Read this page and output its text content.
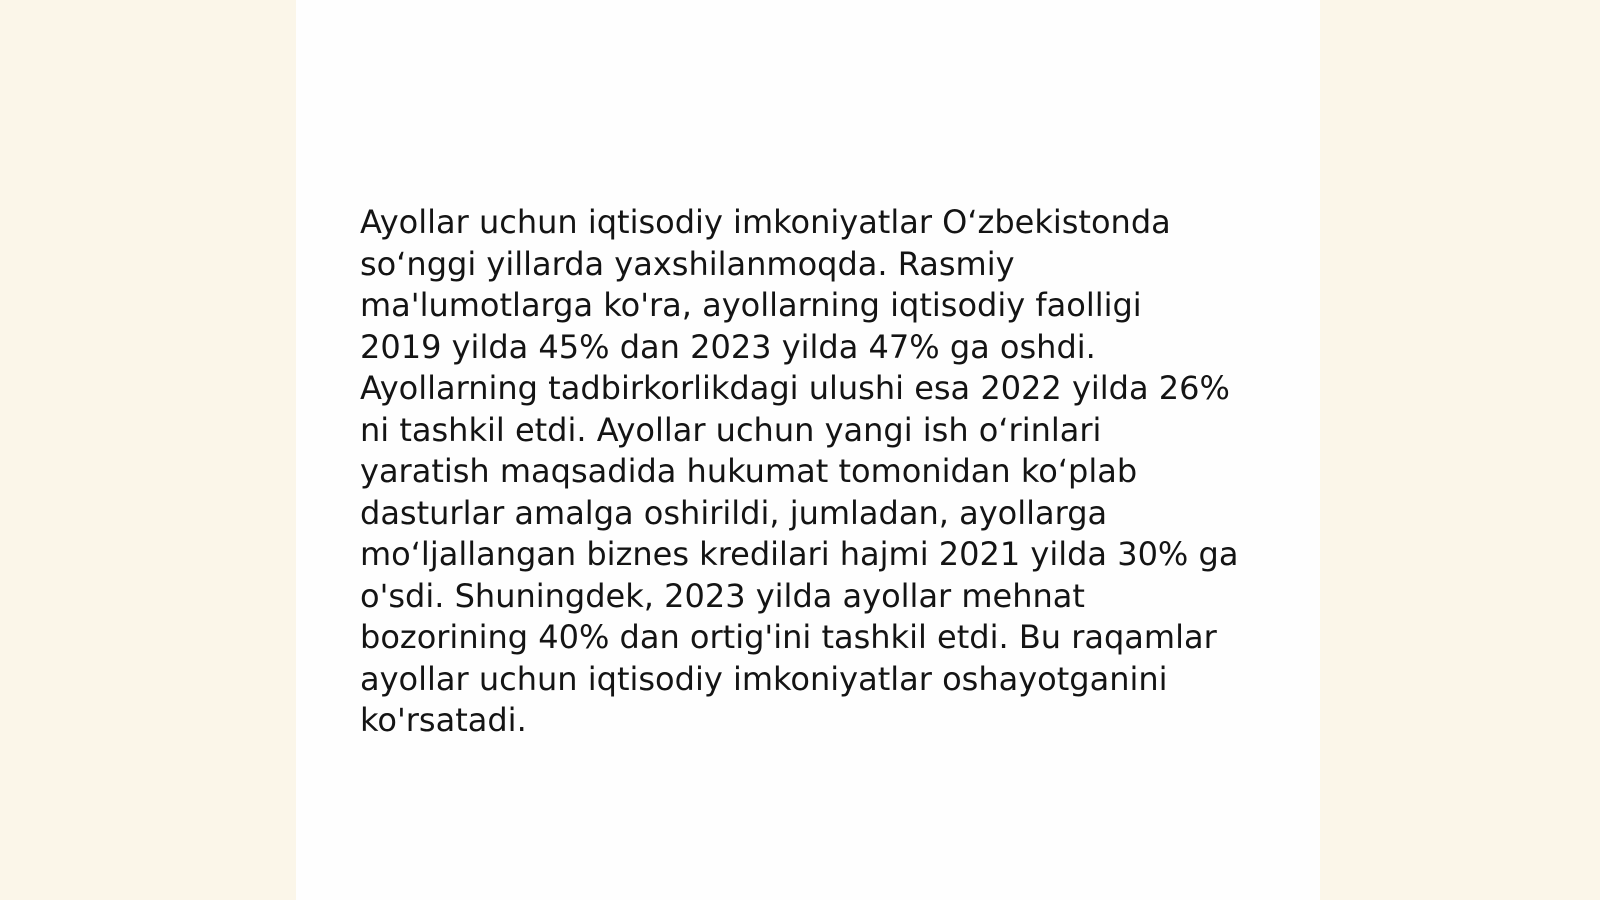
Ayollar uchun iqtisodiy imkoniyatlar O‘zbekistonda
so‘nggi yillarda yaxshilanmoqda. Rasmiy
ma'lumotlarga ko'ra, ayollarning iqtisodiy faolligi
2019 yilda 45% dan 2023 yilda 47% ga oshdi.
Ayollarning tadbirkorlikdagi ulushi esa 2022 yilda 26%
ni tashkil etdi. Ayollar uchun yangi ish o‘rinlari
yaratish maqsadida hukumat tomonidan ko‘plab
dasturlar amalga oshirildi, jumladan, ayollarga
mo‘ljallangan biznes kredilari hajmi 2021 yilda 30% ga
o'sdi. Shuningdek, 2023 yilda ayollar mehnat
bozorining 40% dan ortig'ini tashkil etdi. Bu raqamlar
ayollar uchun iqtisodiy imkoniyatlar oshayotganini
ko'rsatadi.
